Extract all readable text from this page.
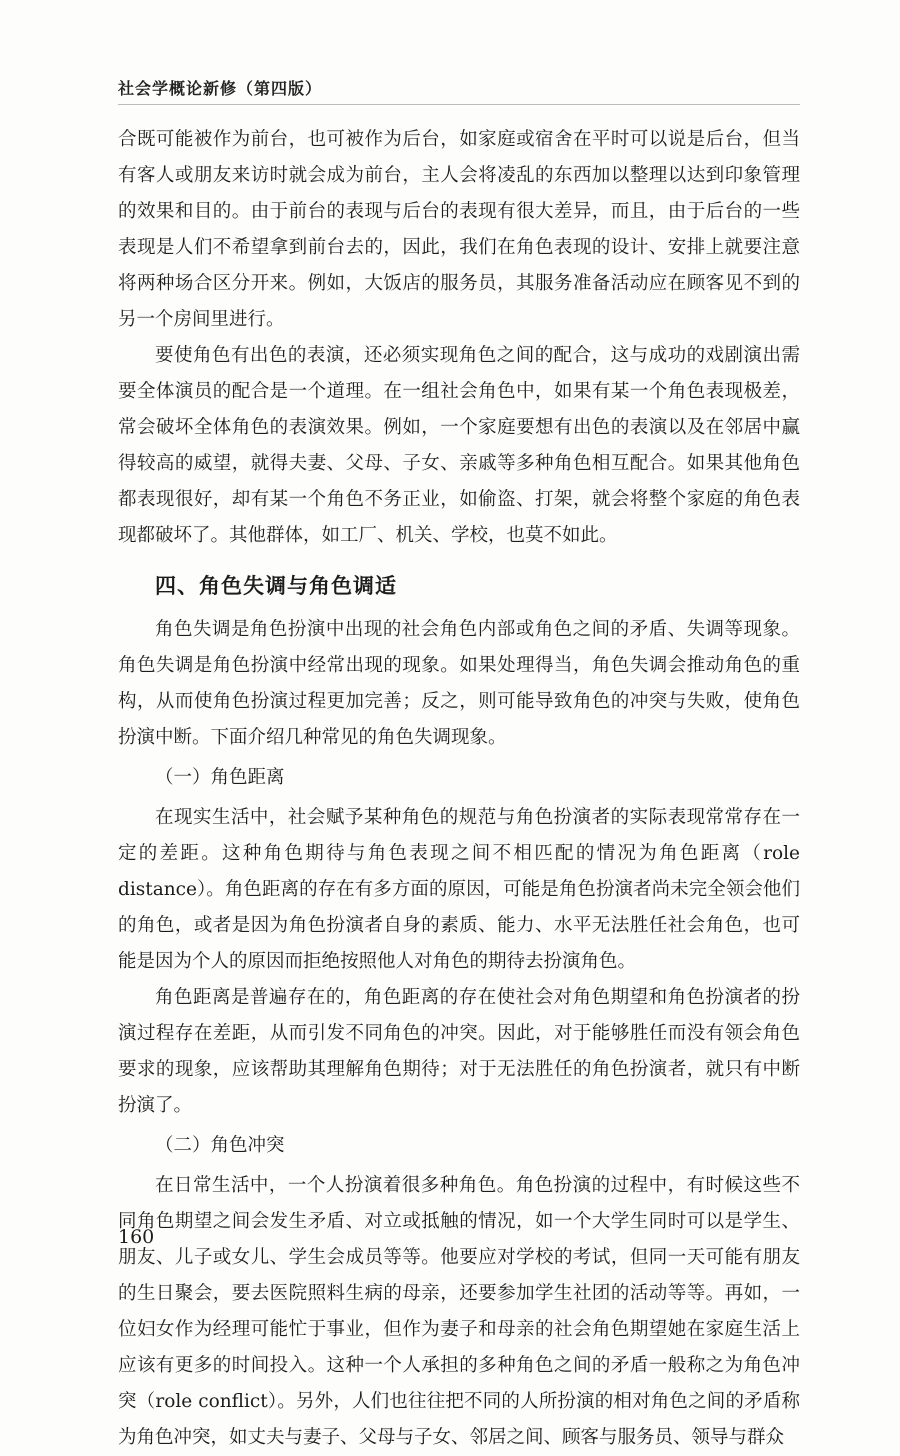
社会学概论新修（第四版）

合既可能被作为前台，也可被作为后台，如家庭或宿舍在平时可以说是后台，但当有客人或朋友来访时就会成为前台，主人会将凌乱的东西加以整理以达到印象管理的效果和目的。由于前台的表现与后台的表现有很大差异，而且，由于后台的一些表现是人们不希望拿到前台去的，因此，我们在角色表现的设计、安排上就要注意将两种场合区分开来。例如，大饭店的服务员，其服务准备活动应在顾客见不到的另一个房间里进行。

要使角色有出色的表演，还必须实现角色之间的配合，这与成功的戏剧演出需要全体演员的配合是一个道理。在一组社会角色中，如果有某一个角色表现极差，常会破坏全体角色的表演效果。例如，一个家庭要想有出色的表演以及在邻居中赢得较高的威望，就得夫妻、父母、子女、亲戚等多种角色相互配合。如果其他角色都表现很好，却有某一个角色不务正业，如偷盗、打架，就会将整个家庭的角色表现都破坏了。其他群体，如工厂、机关、学校，也莫不如此。

四、角色失调与角色调适

角色失调是角色扮演中出现的社会角色内部或角色之间的矛盾、失调等现象。角色失调是角色扮演中经常出现的现象。如果处理得当，角色失调会推动角色的重构，从而使角色扮演过程更加完善；反之，则可能导致角色的冲突与失败，使角色扮演中断。下面介绍几种常见的角色失调现象。

（一）角色距离

在现实生活中，社会赋予某种角色的规范与角色扮演者的实际表现常常存在一定的差距。这种角色期待与角色表现之间不相匹配的情况为角色距离（role distance）。角色距离的存在有多方面的原因，可能是角色扮演者尚未完全领会他们的角色，或者是因为角色扮演者自身的素质、能力、水平无法胜任社会角色，也可能是因为个人的原因而拒绝按照他人对角色的期待去扮演角色。

角色距离是普遍存在的，角色距离的存在使社会对角色期望和角色扮演者的扮演过程存在差距，从而引发不同角色的冲突。因此，对于能够胜任而没有领会角色要求的现象，应该帮助其理解角色期待；对于无法胜任的角色扮演者，就只有中断扮演了。

（二）角色冲突

在日常生活中，一个人扮演着很多种角色。角色扮演的过程中，有时候这些不同角色期望之间会发生矛盾、对立或抵触的情况，如一个大学生同时可以是学生、朋友、儿子或女儿、学生会成员等等。他要应对学校的考试，但同一天可能有朋友的生日聚会，要去医院照料生病的母亲，还要参加学生社团的活动等等。再如，一位妇女作为经理可能忙于事业，但作为妻子和母亲的社会角色期望她在家庭生活上应该有更多的时间投入。这种一个人承担的多种角色之间的矛盾一般称之为角色冲突（role conflict）。另外，人们也往往把不同的人所扮演的相对角色之间的矛盾称为角色冲突，如丈夫与妻子、父母与子女、邻居之间、顾客与服务员、领导与群众

160
